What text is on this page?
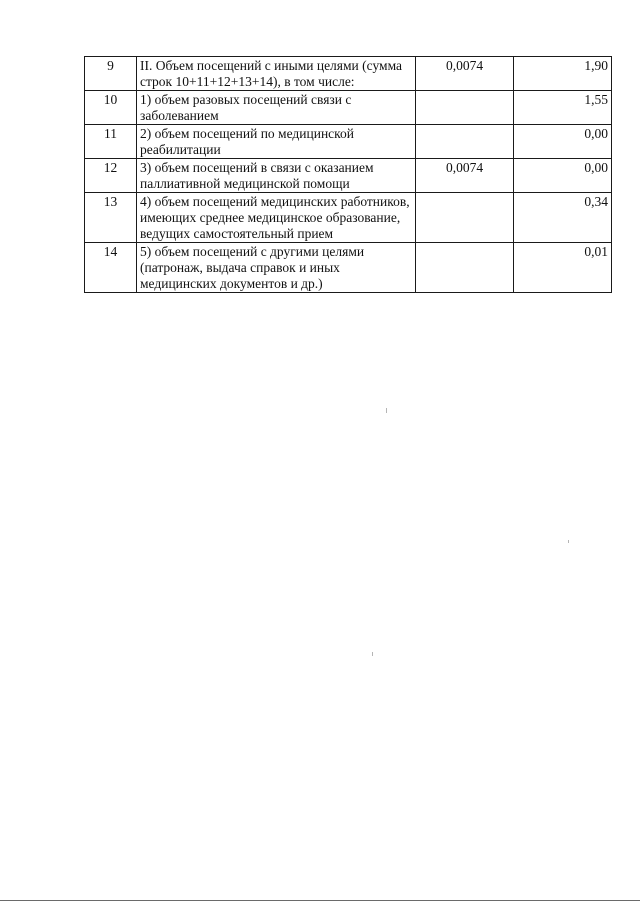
9	II. Объем посещений с иными целями (сумма строк 10+11+12+13+14), в том числе:	0,0074	1,90
10	1) объем разовых посещений связи с заболеванием		1,55
11	2) объем посещений по медицинской реабилитации		0,00
12	3) объем посещений в связи с оказанием паллиативной медицинской помощи	0,0074	0,00
13	4) объем посещений медицинских работников, имеющих среднее медицинское образование, ведущих самостоятельный прием		0,34
14	5) объем посещений с другими целями (патронаж, выдача справок и иных медицинских документов и др.)		0,01
